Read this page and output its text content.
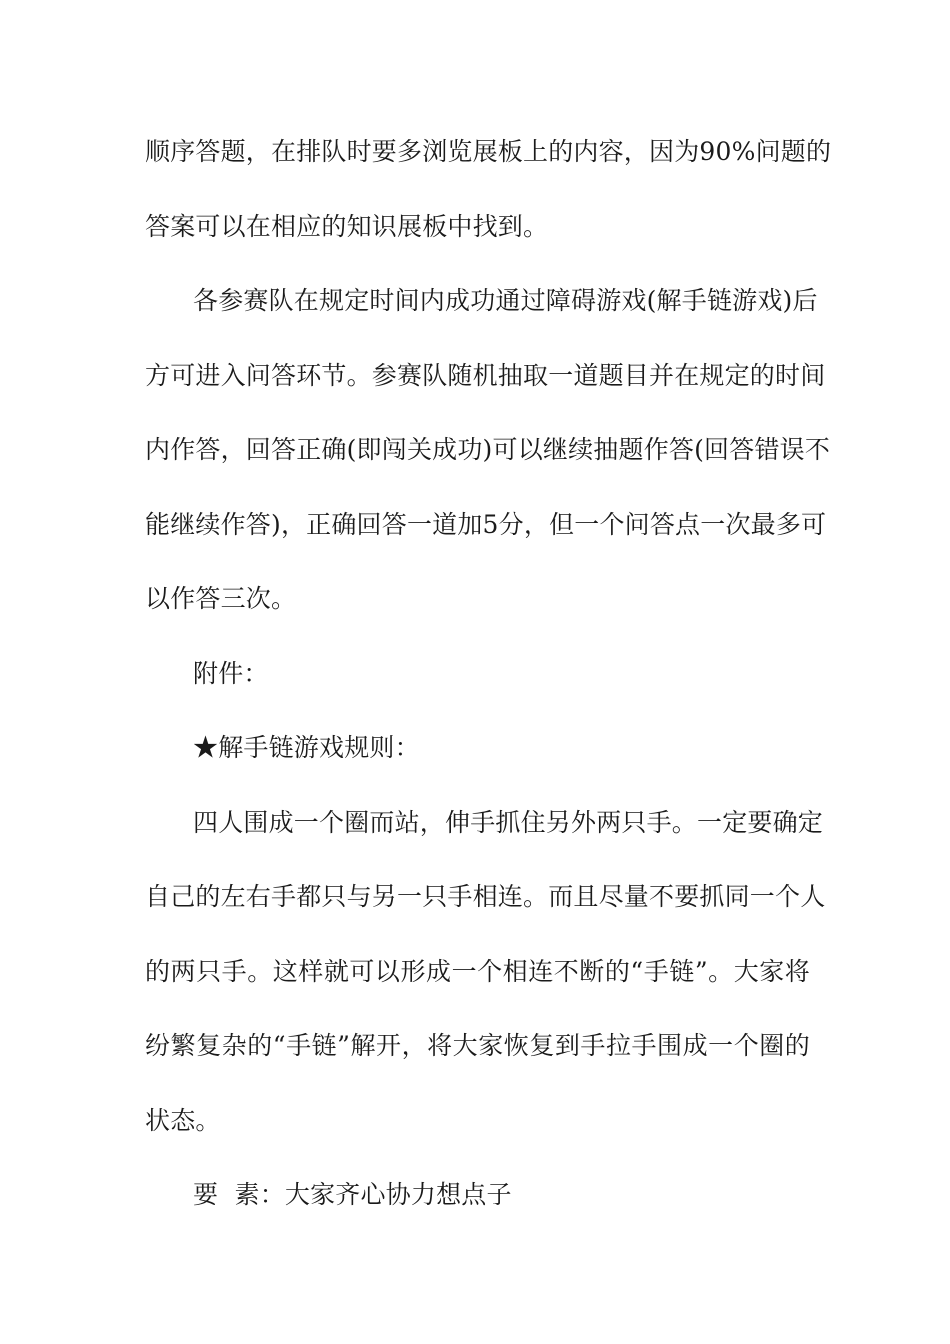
顺序答题，在排队时要多浏览展板上的内容，因为90%问题的
答案可以在相应的知识展板中找到。
各参赛队在规定时间内成功通过障碍游戏(解手链游戏)后
方可进入问答环节。参赛队随机抽取一道题目并在规定的时间
内作答，回答正确(即闯关成功)可以继续抽题作答(回答错误不
能继续作答)，正确回答一道加5分，但一个问答点一次最多可
以作答三次。
附件：
★解手链游戏规则：
四人围成一个圈而站，伸手抓住另外两只手。一定要确定
自己的左右手都只与另一只手相连。而且尽量不要抓同一个人
的两只手。这样就可以形成一个相连不断的“手链”。大家将
纷繁复杂的“手链”解开，将大家恢复到手拉手围成一个圈的
状态。
要  素：大家齐心协力想点子
